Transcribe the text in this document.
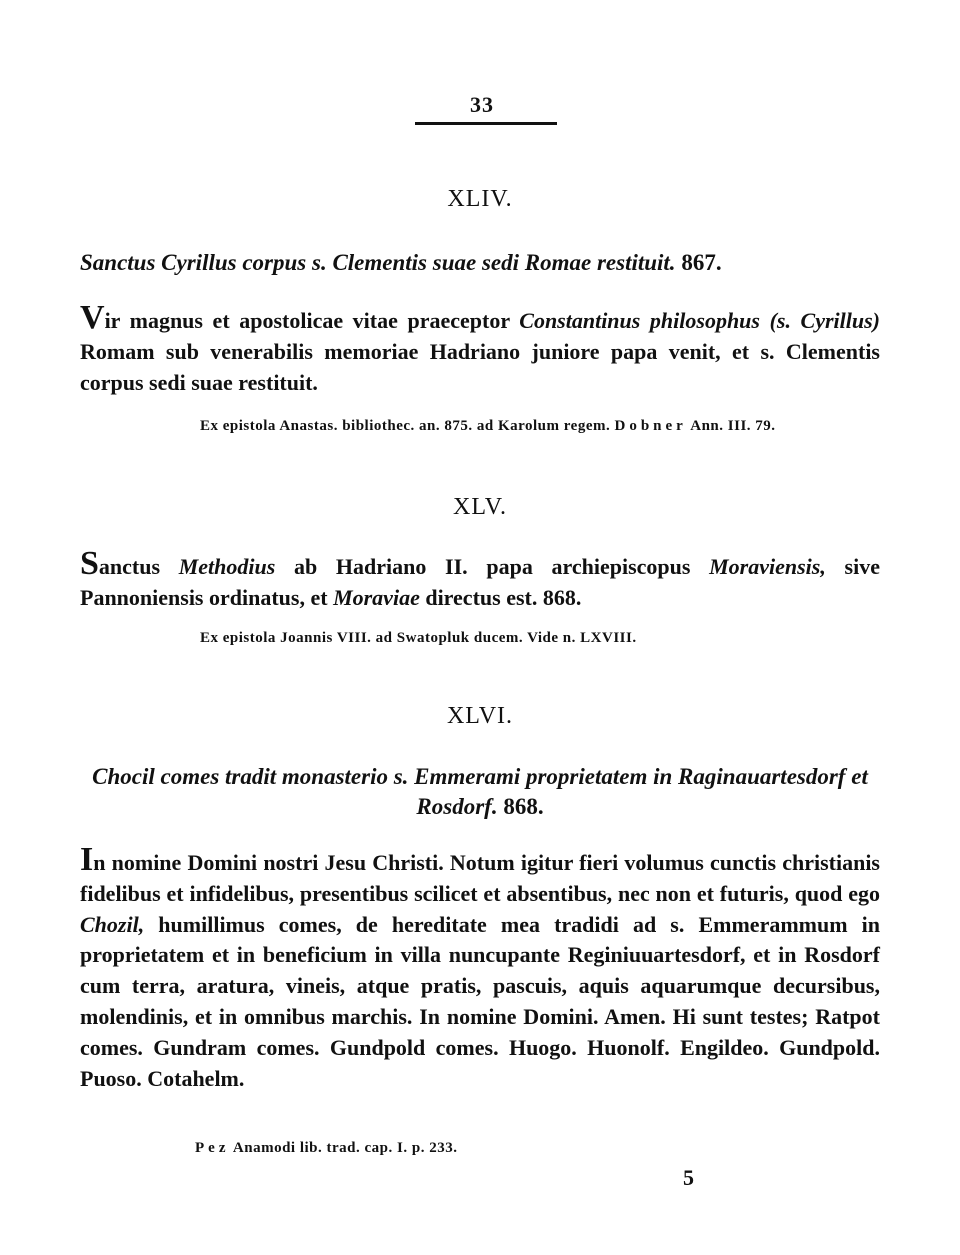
33
XLIV.
Sanctus Cyrillus corpus s. Clementis suae sedi Romae restituit. 867.
Vir magnus et apostolicae vitae praeceptor Constantinus philosophus (s. Cyrillus) Romam sub venerabilis memoriae Hadriano juniore papa venit, et s. Clementis corpus sedi suae restituit.
Ex epistola Anastas. bibliothec. an. 875. ad Karolum regem. Dobner Ann. III. 79.
XLV.
Sanctus Methodius ab Hadriano II. papa archiepiscopus Moraviensis, sive Pannoniensis ordinatus, et Moraviae directus est. 868.
Ex epistola Joannis VIII. ad Swatopluk ducem. Vide n. LXVIII.
XLVI.
Chocil comes tradit monasterio s. Emmerami proprietatem in Raginauartesdorf et Rosdorf. 868.
In nomine Domini nostri Jesu Christi. Notum igitur fieri volumus cunctis christianis fidelibus et infidelibus, presentibus scilicet et absentibus, nec non et futuris, quod ego Chozil, humillimus comes, de hereditate mea tradidi ad s. Emmerammum in proprietatem et in beneficium in villa nuncupante Reginiuuartesdorf, et in Rosdorf cum terra, aratura, vineis, atque pratis, pascuis, aquis aquarumque decursibus, molendinis, et in omnibus marchis. In nomine Domini. Amen. Hi sunt testes; Ratpot comes. Gundram comes. Gundpold comes. Huogo. Huonolf. Engildeo. Gundpold. Puoso. Cotahelm.
Pez Anamodi lib. trad. cap. I. p. 233.
5
